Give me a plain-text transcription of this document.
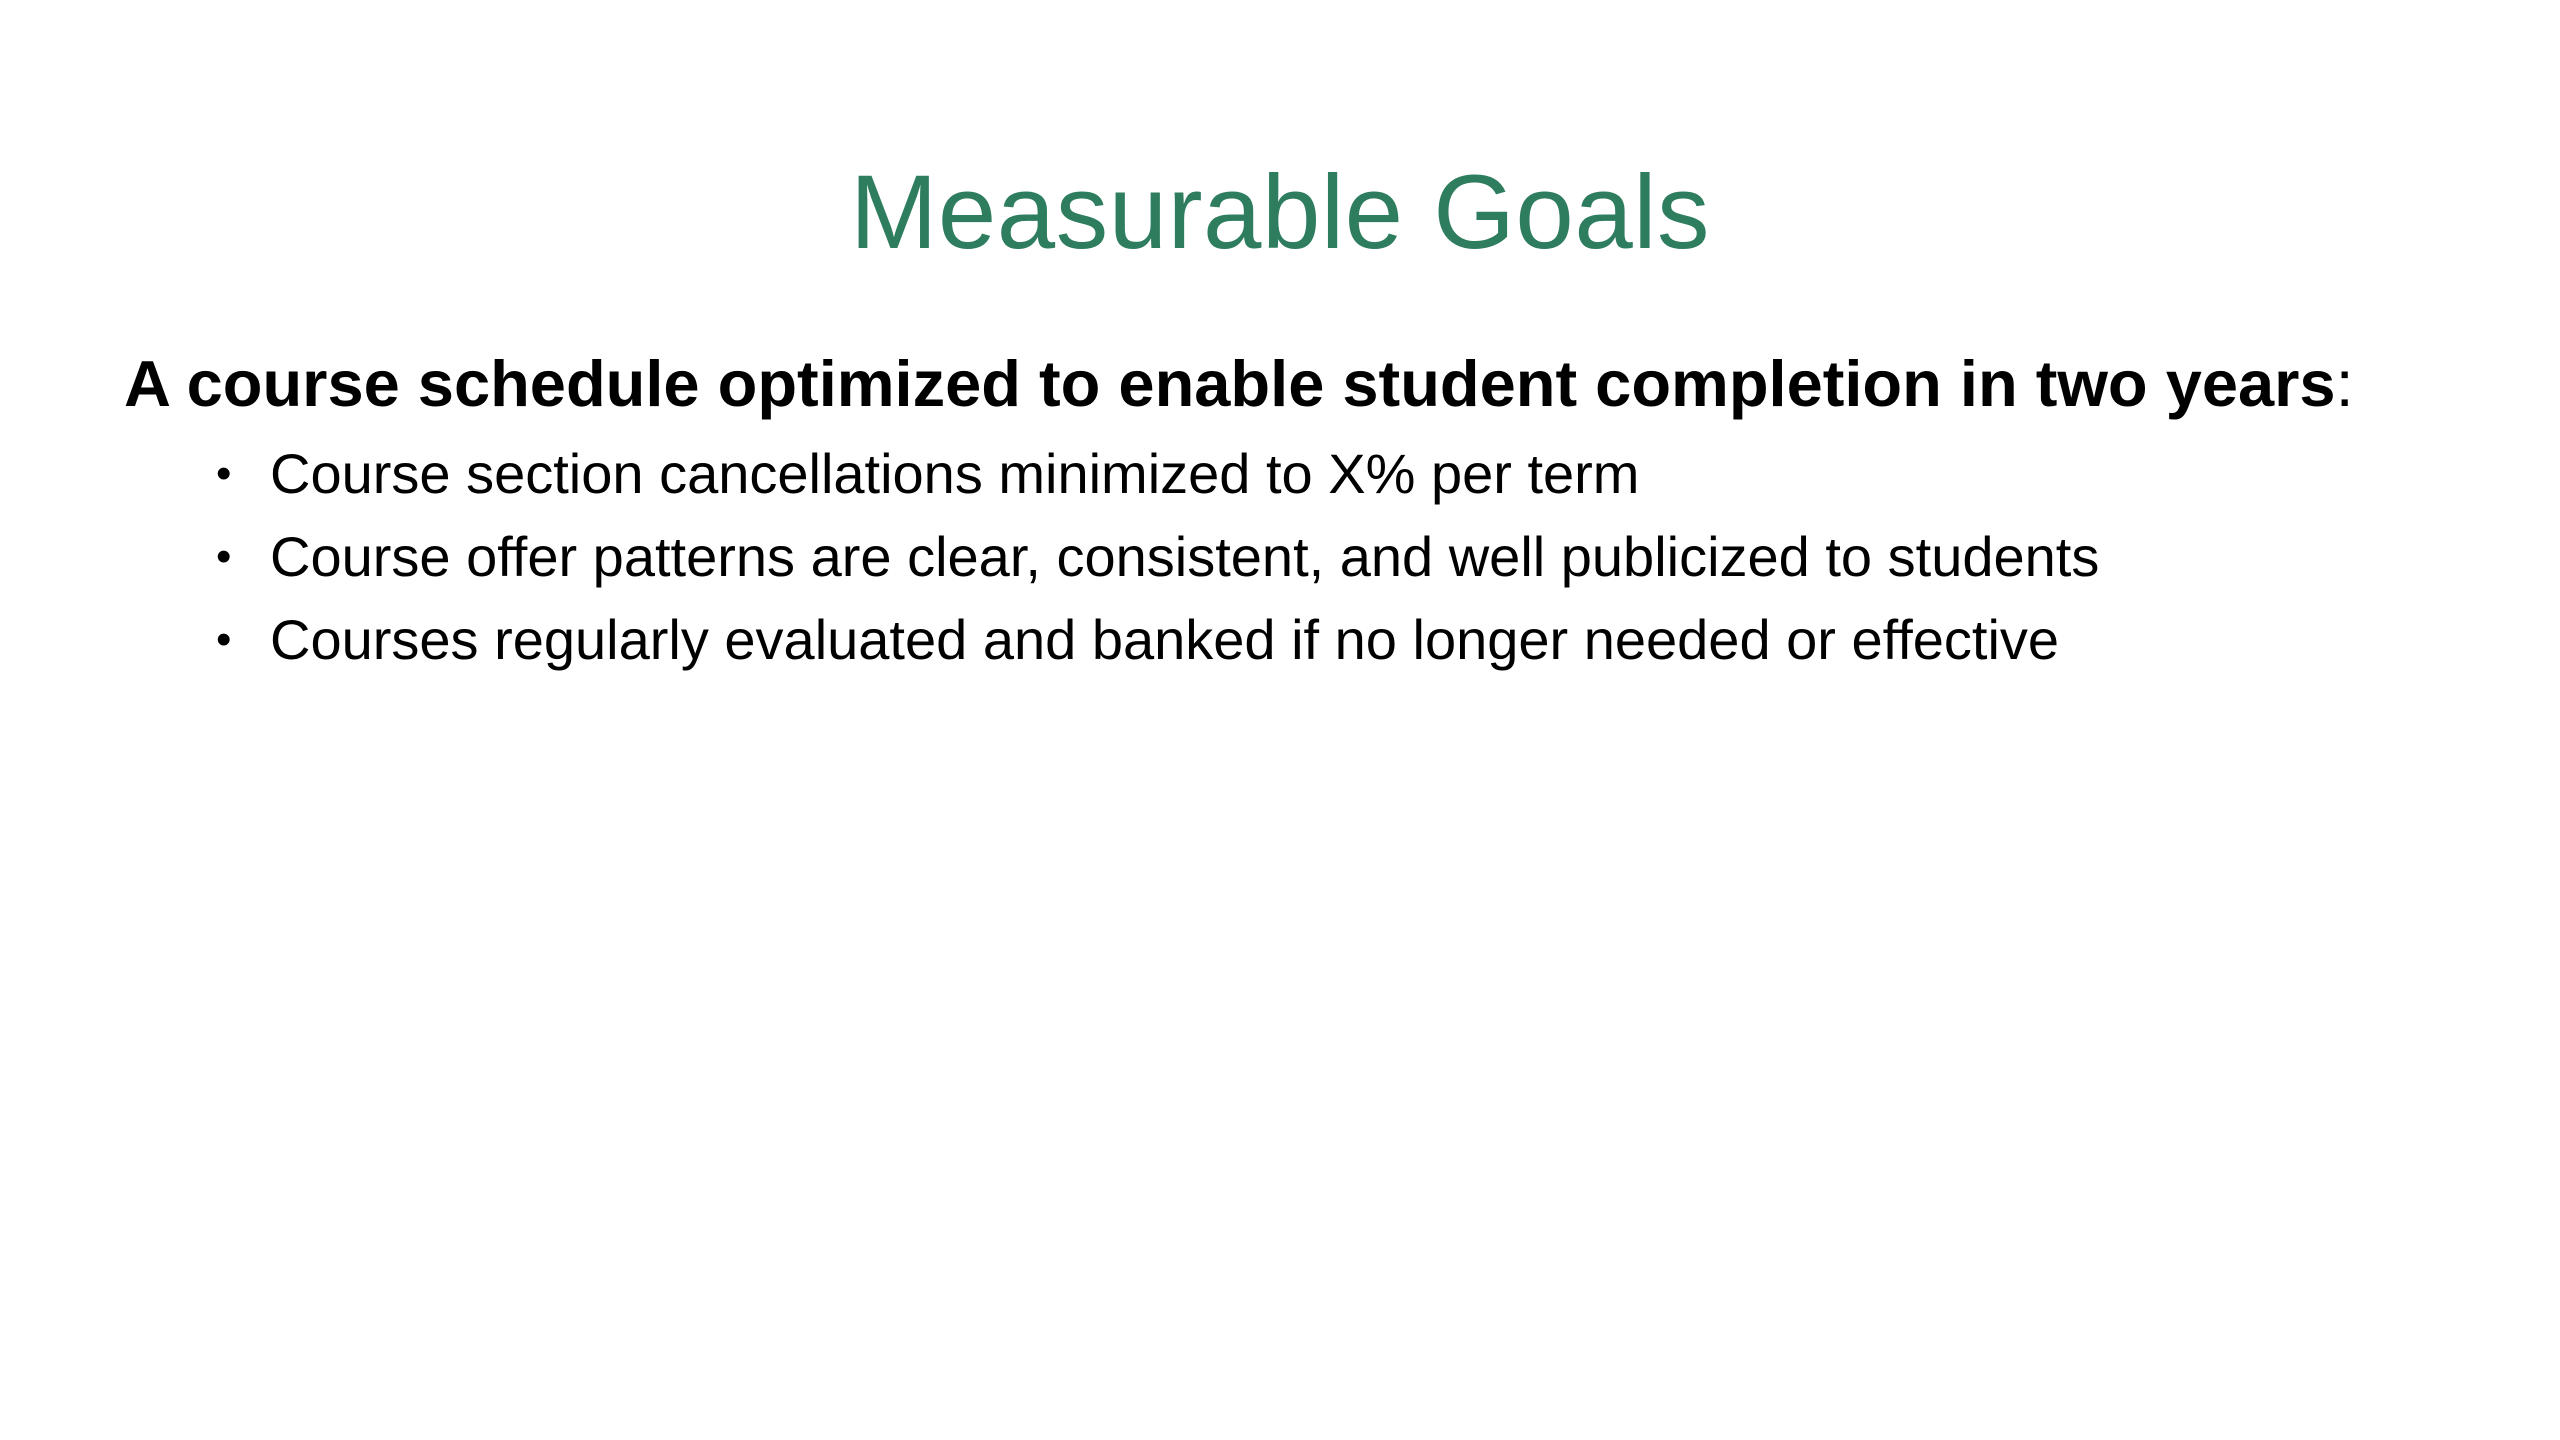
Measurable Goals

A course schedule optimized to enable student completion in two years:

• Course section cancellations minimized to X% per term
• Course offer patterns are clear, consistent, and well publicized to students
• Courses regularly evaluated and banked if no longer needed or effective
